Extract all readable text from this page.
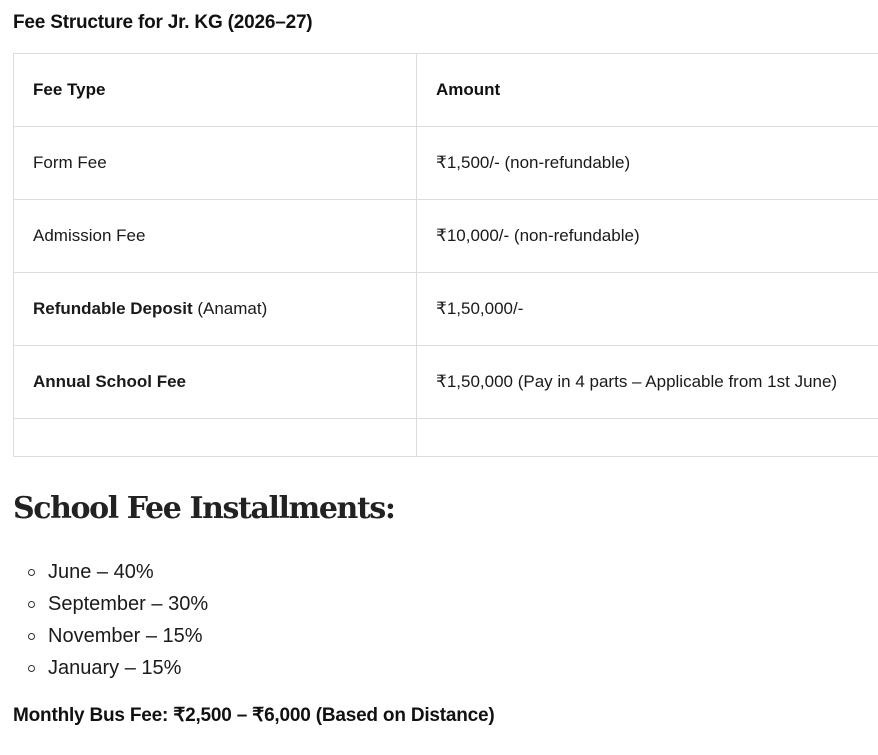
Fee Structure for Jr. KG (2026–27)
Fee Type	Amount
Form Fee	₹1,500/- (non-refundable)
Admission Fee	₹10,000/- (non-refundable)
Refundable Deposit (Anamat)	₹1,50,000/-
Annual School Fee	₹1,50,000 (Pay in 4 parts – Applicable from 1st June)

School Fee Installments:
June – 40%
September – 30%
November – 15%
January – 15%

Monthly Bus Fee: ₹2,500 – ₹6,000 (Based on Distance)
